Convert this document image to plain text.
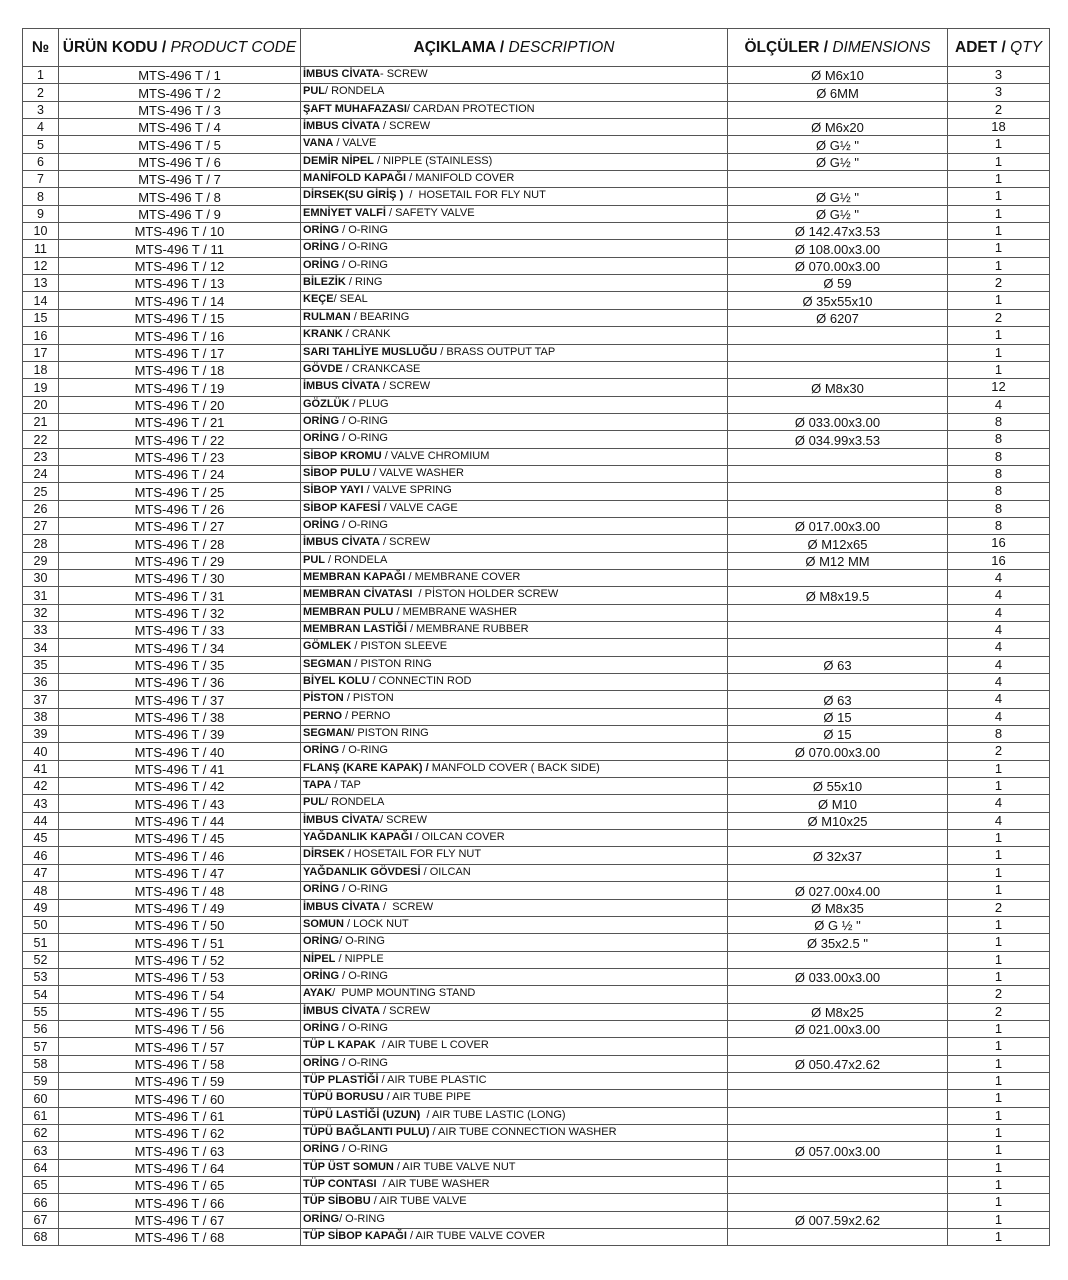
№	ÜRÜN KODU / PRODUCT CODE	AÇIKLAMA / DESCRIPTION	ÖLÇÜLER / DIMENSIONS	ADET / QTY
1	MTS-496 T / 1	İMBUS CİVATA- SCREW	Ø M6x10	3
2	MTS-496 T / 2	PUL/ RONDELA	Ø 6MM	3
3	MTS-496 T / 3	ŞAFT MUHAFAZASI/ CARDAN PROTECTION		2
4	MTS-496 T / 4	İMBUS CİVATA / SCREW	Ø M6x20	18
5	MTS-496 T / 5	VANA / VALVE	Ø G½ "	1
6	MTS-496 T / 6	DEMİR NİPEL / NIPPLE (STAINLESS)	Ø G½ "	1
7	MTS-496 T / 7	MANİFOLD KAPAĞI / MANIFOLD COVER		1
8	MTS-496 T / 8	DİRSEK(SU GİRİŞ )  /  HOSETAIL FOR FLY NUT	Ø G½ "	1
9	MTS-496 T / 9	EMNİYET VALFİ / SAFETY VALVE	Ø G½ "	1
10	MTS-496 T / 10	ORİNG / O-RING	Ø 142.47x3.53	1
11	MTS-496 T / 11	ORİNG / O-RING	Ø 108.00x3.00	1
12	MTS-496 T / 12	ORİNG / O-RING	Ø 070.00x3.00	1
13	MTS-496 T / 13	BİLEZİK / RING	Ø 59	2
14	MTS-496 T / 14	KEÇE/ SEAL	Ø 35x55x10	1
15	MTS-496 T / 15	RULMAN / BEARING	Ø 6207	2
16	MTS-496 T / 16	KRANK / CRANK		1
17	MTS-496 T / 17	SARI TAHLİYE MUSLUĞU / BRASS OUTPUT TAP		1
18	MTS-496 T / 18	GÖVDE / CRANKCASE		1
19	MTS-496 T / 19	İMBUS CİVATA / SCREW	Ø M8x30	12
20	MTS-496 T / 20	GÖZLÜK / PLUG		4
21	MTS-496 T / 21	ORİNG / O-RING	Ø 033.00x3.00	8
22	MTS-496 T / 22	ORİNG / O-RING	Ø 034.99x3.53	8
23	MTS-496 T / 23	SİBOP KROMU / VALVE CHROMIUM		8
24	MTS-496 T / 24	SİBOP PULU / VALVE WASHER		8
25	MTS-496 T / 25	SİBOP YAYI / VALVE SPRING		8
26	MTS-496 T / 26	SİBOP KAFESİ / VALVE CAGE		8
27	MTS-496 T / 27	ORİNG / O-RING	Ø 017.00x3.00	8
28	MTS-496 T / 28	İMBUS CİVATA / SCREW	Ø M12x65	16
29	MTS-496 T / 29	PUL / RONDELA	Ø M12 MM	16
30	MTS-496 T / 30	MEMBRAN KAPAĞI / MEMBRANE COVER		4
31	MTS-496 T / 31	MEMBRAN CİVATASI  / PİSTON HOLDER SCREW	Ø M8x19.5	4
32	MTS-496 T / 32	MEMBRAN PULU / MEMBRANE WASHER		4
33	MTS-496 T / 33	MEMBRAN LASTİĞİ / MEMBRANE RUBBER		4
34	MTS-496 T / 34	GÖMLEK / PISTON SLEEVE		4
35	MTS-496 T / 35	SEGMAN / PISTON RING	Ø 63	4
36	MTS-496 T / 36	BİYEL KOLU / CONNECTIN ROD		4
37	MTS-496 T / 37	PİSTON / PISTON	Ø 63	4
38	MTS-496 T / 38	PERNO / PERNO	Ø 15	4
39	MTS-496 T / 39	SEGMAN/ PISTON RING	Ø 15	8
40	MTS-496 T / 40	ORİNG / O-RING	Ø 070.00x3.00	2
41	MTS-496 T / 41	FLANŞ (KARE KAPAK) / MANFOLD COVER ( BACK SIDE)		1
42	MTS-496 T / 42	TAPA / TAP	Ø 55x10	1
43	MTS-496 T / 43	PUL/ RONDELA	Ø M10	4
44	MTS-496 T / 44	İMBUS CİVATA/ SCREW	Ø M10x25	4
45	MTS-496 T / 45	YAĞDANLIK KAPAĞI / OILCAN COVER		1
46	MTS-496 T / 46	DİRSEK / HOSETAIL FOR FLY NUT	Ø 32x37	1
47	MTS-496 T / 47	YAĞDANLIK GÖVDESİ / OILCAN		1
48	MTS-496 T / 48	ORİNG / O-RING	Ø 027.00x4.00	1
49	MTS-496 T / 49	İMBUS CİVATA /  SCREW	Ø M8x35	2
50	MTS-496 T / 50	SOMUN / LOCK NUT	Ø G ½ "	1
51	MTS-496 T / 51	ORİNG/ O-RING	Ø 35x2.5 "	1
52	MTS-496 T / 52	NİPEL / NIPPLE		1
53	MTS-496 T / 53	ORİNG / O-RING	Ø 033.00x3.00	1
54	MTS-496 T / 54	AYAK/  PUMP MOUNTING STAND		2
55	MTS-496 T / 55	İMBUS CİVATA / SCREW	Ø M8x25	2
56	MTS-496 T / 56	ORİNG / O-RING	Ø 021.00x3.00	1
57	MTS-496 T / 57	TÜP L KAPAK  / AIR TUBE L COVER		1
58	MTS-496 T / 58	ORİNG / O-RING	Ø 050.47x2.62	1
59	MTS-496 T / 59	TÜP PLASTİĞİ / AIR TUBE PLASTIC		1
60	MTS-496 T / 60	TÜPÜ BORUSU / AIR TUBE PIPE		1
61	MTS-496 T / 61	TÜPÜ LASTİĞİ (UZUN)  / AIR TUBE LASTIC (LONG)		1
62	MTS-496 T / 62	TÜPÜ BAĞLANTI PULU) / AIR TUBE CONNECTION WASHER		1
63	MTS-496 T / 63	ORİNG / O-RING	Ø 057.00x3.00	1
64	MTS-496 T / 64	TÜP ÜST SOMUN / AIR TUBE VALVE NUT		1
65	MTS-496 T / 65	TÜP CONTASI  / AIR TUBE WASHER		1
66	MTS-496 T / 66	TÜP SİBOBU / AIR TUBE VALVE		1
67	MTS-496 T / 67	ORİNG/ O-RING	Ø 007.59x2.62	1
68	MTS-496 T / 68	TÜP SİBOP KAPAĞI / AIR TUBE VALVE COVER		1
